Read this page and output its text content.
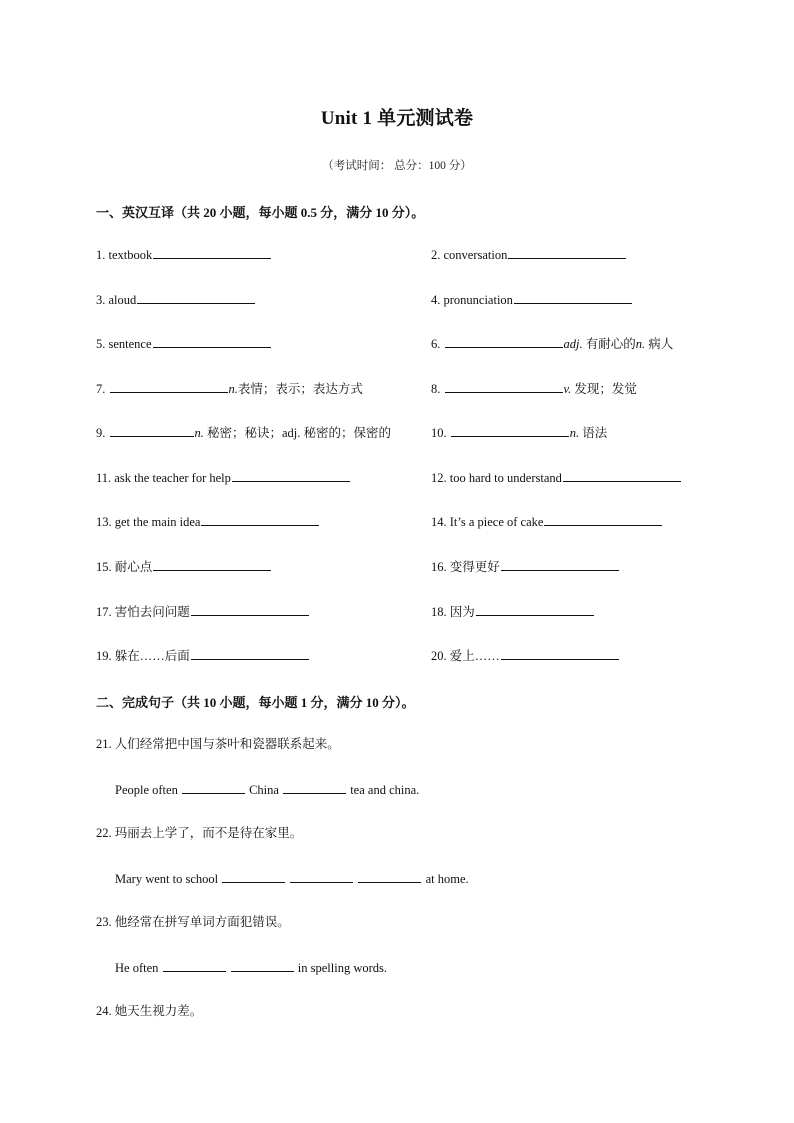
Unit 1 单元测试卷
（考试时间： 总分：100 分）
一、英汉互译（共 20 小题，每小题 0.5 分，满分 10 分）。
1. textbook	2. conversation
3. aloud	4. pronunciation
5. sentence	6.	adj. 有耐心的n. 病人
7.	n.表情；表示；表达方式	8.	v. 发现；发觉
9.	n. 秘密；秘诀；adj. 秘密的；保密的	10.	n. 语法
11. ask the teacher for help	12. too hard to understand
13. get the main idea	14. It’s a piece of cake
15. 耐心点	16. 变得更好
17. 害怕去问问题	18. 因为
19. 躲在……后面	20. 爱上……
二、完成句子（共 10 小题，每小题 1 分，满分 10 分）。
21. 人们经常把中国与茶叶和瓷器联系起来。
People often	China	tea and china.
22. 玛丽去上学了，而不是待在家里。
Mary went to school	at home.
23. 他经常在拼写单词方面犯错误。
He often	in spelling words.
24. 她天生视力差。
